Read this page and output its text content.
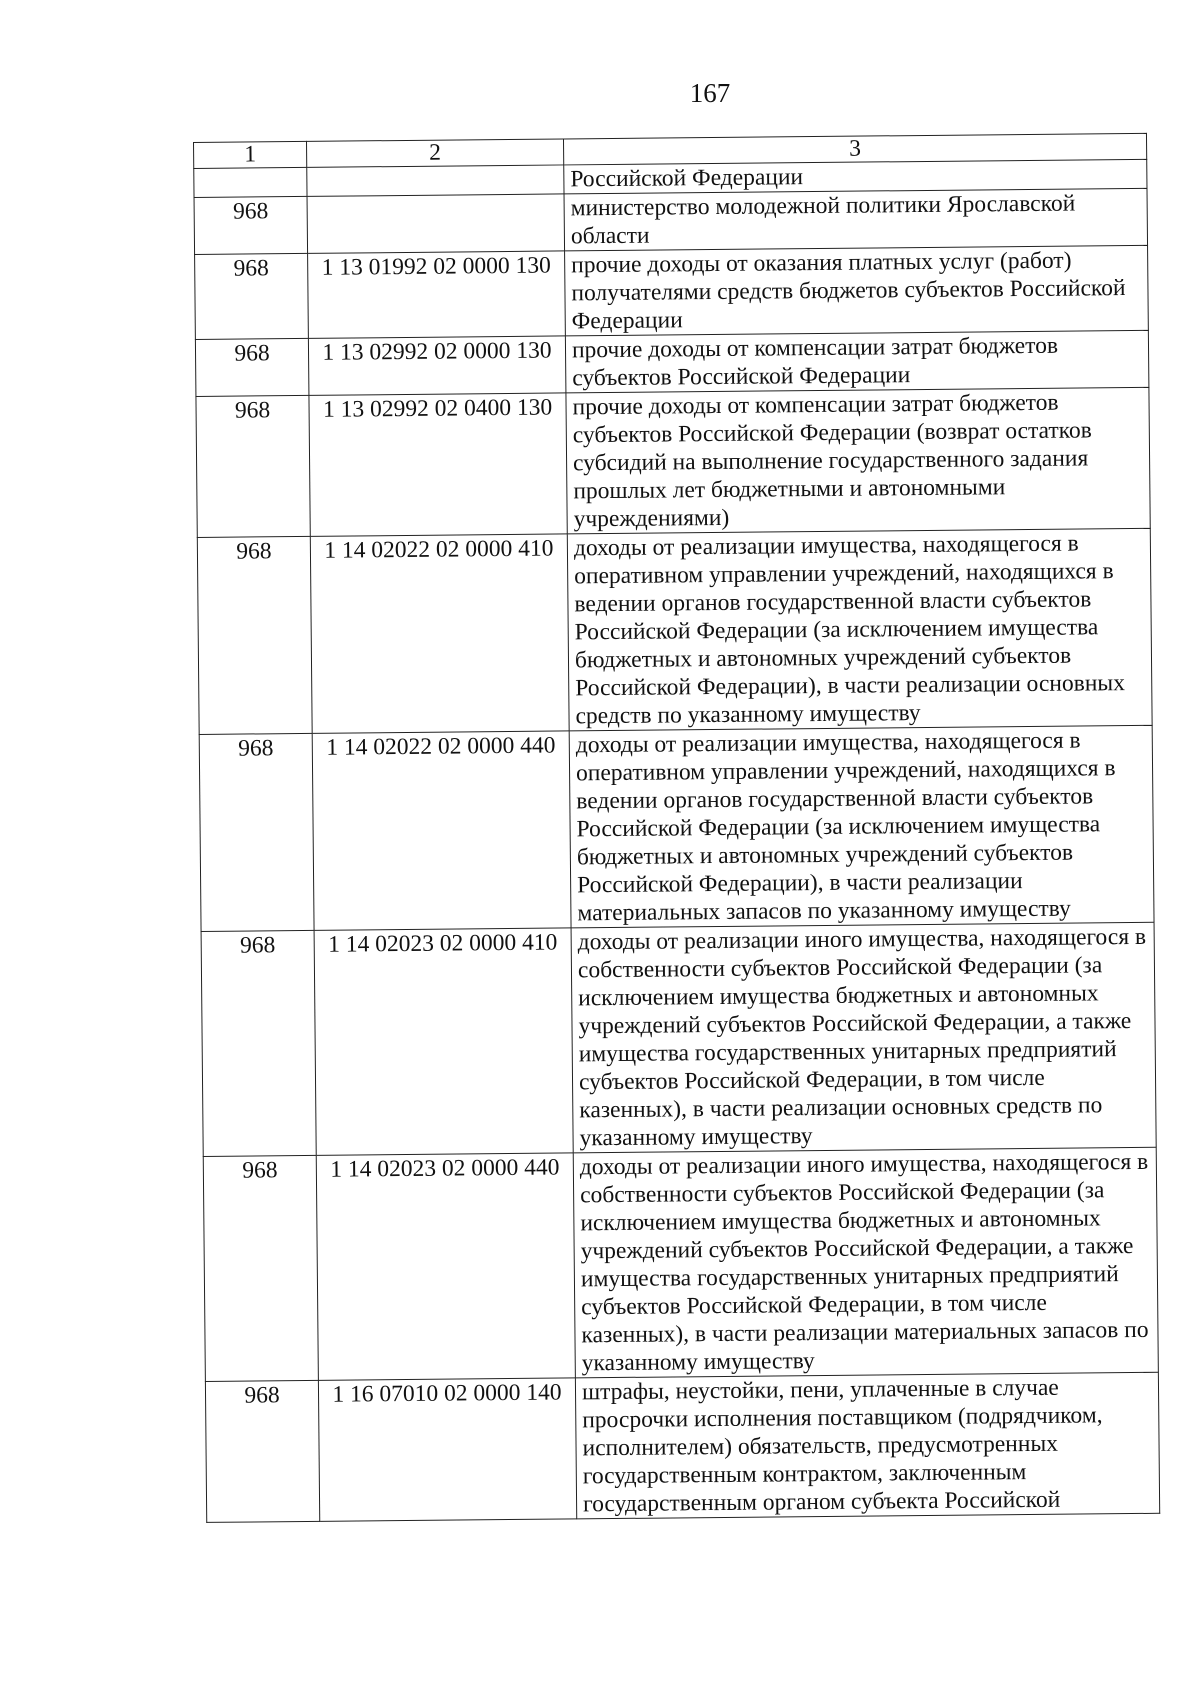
167
1	2	3
		Российской Федерации
968		министерство молодежной политики Ярославской области
968	1 13 01992 02 0000 130	прочие доходы от оказания платных услуг (работ) получателями средств бюджетов субъектов Российской Федерации
968	1 13 02992 02 0000 130	прочие доходы от компенсации затрат бюджетов субъектов Российской Федерации
968	1 13 02992 02 0400 130	прочие доходы от компенсации затрат бюджетов субъектов Российской Федерации (возврат остатков субсидий на выполнение государственного задания прошлых лет бюджетными и автономными учреждениями)
968	1 14 02022 02 0000 410	доходы от реализации имущества, находящегося в оперативном управлении учреждений, находящихся в ведении органов государственной власти субъектов Российской Федерации (за исключением имущества бюджетных и автономных учреждений субъектов Российской Федерации), в части реализации основных средств по указанному имуществу
968	1 14 02022 02 0000 440	доходы от реализации имущества, находящегося в оперативном управлении учреждений, находящихся в ведении органов государственной власти субъектов Российской Федерации (за исключением имущества бюджетных и автономных учреждений субъектов Российской Федерации), в части реализации материальных запасов по указанному имуществу
968	1 14 02023 02 0000 410	доходы от реализации иного имущества, находящегося в собственности субъектов Российской Федерации (за исключением имущества бюджетных и автономных учреждений субъектов Российской Федерации, а также имущества государственных унитарных предприятий субъектов Российской Федерации, в том числе казенных), в части реализации основных средств по указанному имуществу
968	1 14 02023 02 0000 440	доходы от реализации иного имущества, находящегося в собственности субъектов Российской Федерации (за исключением имущества бюджетных и автономных учреждений субъектов Российской Федерации, а также имущества государственных унитарных предприятий субъектов Российской Федерации, в том числе казенных), в части реализации материальных запасов по указанному имуществу
968	1 16 07010 02 0000 140	штрафы, неустойки, пени, уплаченные в случае просрочки исполнения поставщиком (подрядчиком, исполнителем) обязательств, предусмотренных государственным контрактом, заключенным государственным органом субъекта Российской
